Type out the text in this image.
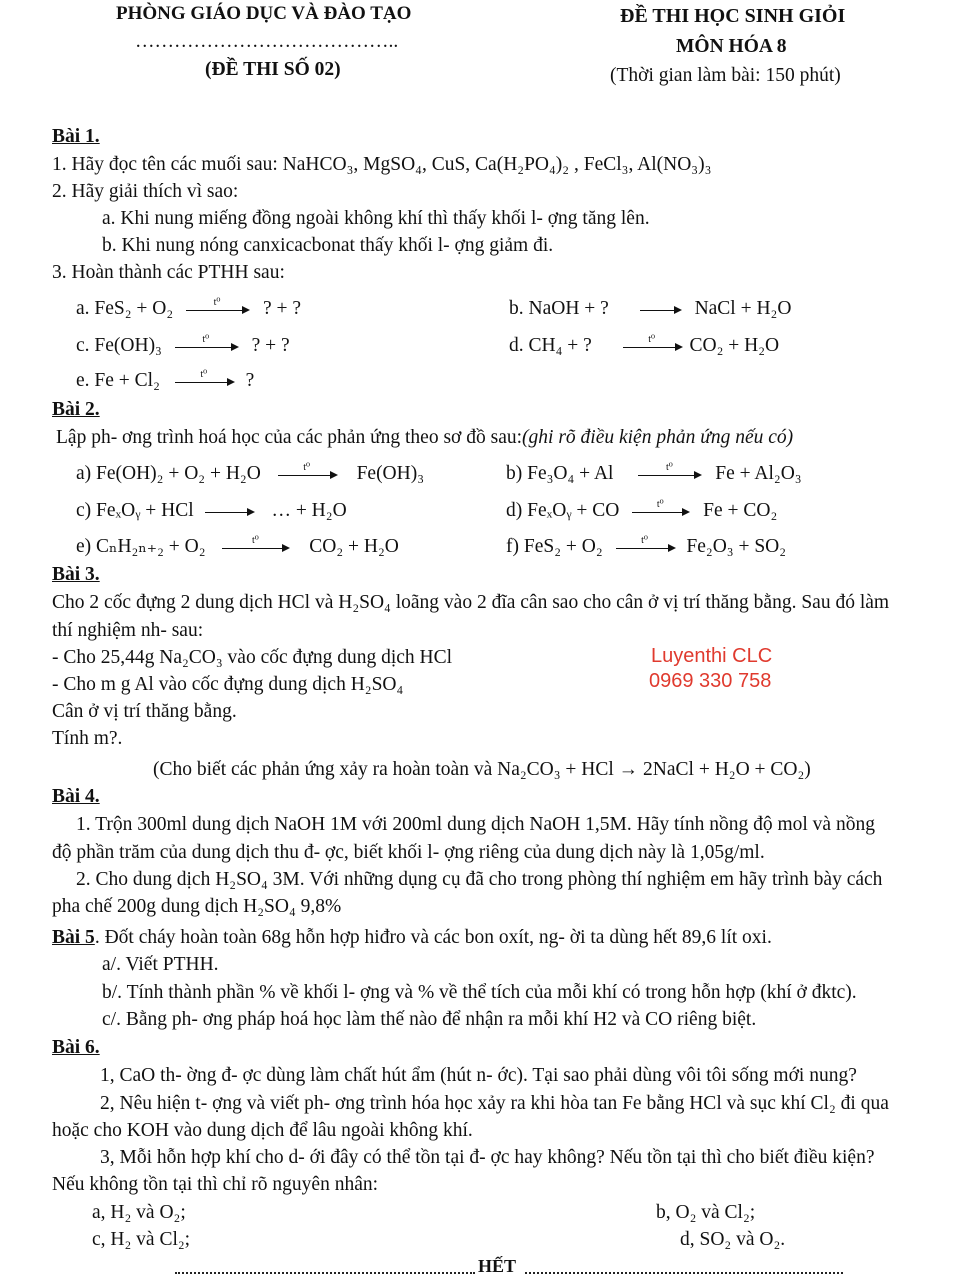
PHÒNG GIÁO DỤC VÀ ĐÀO TẠO
…………………………………..
(ĐỀ THI SỐ 02)
ĐỀ THI HỌC SINH GIỎI
MÔN HÓA 8
(Thời gian làm bài: 150 phút)
Bài 1.
1. Hãy đọc tên các muối sau: NaHCO₃, MgSO₄, CuS, Ca(H₂PO₄)₂ , FeCl₃, Al(NO₃)₃
2. Hãy giải thích vì sao:
a. Khi nung miếng đồng ngoài không khí thì thấy khối l- ợng tăng lên.
b. Khi nung nóng canxicacbonat thấy khối l- ợng giảm đi.
3. Hoàn thành các PTHH sau:
a. FeS₂ + O₂	t⁰	? + ?	b. NaOH + ?	NaCl + H₂O
c. Fe(OH)₃	t⁰	? + ?	d. CH₄ + ?	t⁰	CO₂ + H₂O
e. Fe + Cl₂	t⁰	?
Bài 2.
Lập ph- ơng trình hoá học của các phản ứng theo sơ đồ sau:(ghi rõ điều kiện phản ứng nếu có)
a) Fe(OH)₂ + O₂ + H₂O	t⁰	Fe(OH)₃	b) Fe₃O₄ + Al	t⁰	Fe + Al₂O₃
c) FeₓOᵧ + HCl	… + H₂O	d) FeₓOᵧ + CO	t⁰	Fe + CO₂
e) CₙH₂ₙ₊₂ + O₂	t⁰	CO₂ + H₂O	f) FeS₂ + O₂	t⁰	Fe₂O₃ + SO₂
Bài 3.
Cho 2 cốc đựng 2 dung dịch HCl và H₂SO₄ loãng vào 2 đĩa cân sao cho cân ở vị trí thăng bằng. Sau đó làm
thí nghiệm nh- sau:
- Cho 25,44g Na₂CO₃ vào cốc đựng dung dịch HCl
- Cho m g Al vào cốc đựng dung dịch H₂SO₄
Cân ở vị trí thăng bằng.
Tính m?.
(Cho biết các phản ứng xảy ra hoàn toàn và Na₂CO₃ + HCl → 2NaCl + H₂O + CO₂)
Luyenthi CLC
0969 330 758
Bài 4.
1. Trộn 300ml dung dịch NaOH 1M với 200ml dung dịch NaOH 1,5M. Hãy tính nồng độ mol và nồng
độ phần trăm của dung dịch thu đ- ợc, biết khối l- ợng riêng của dung dịch này là 1,05g/ml.
2. Cho dung dịch H₂SO₄ 3M. Với những dụng cụ đã cho trong phòng thí nghiệm em hãy trình bày cách
pha chế 200g dung dịch H₂SO₄ 9,8%
Bài 5. Đốt cháy hoàn toàn 68g hỗn hợp hiđro và các bon oxít, ng- ời ta dùng hết 89,6 lít oxi.
a/. Viết PTHH.
b/. Tính thành phần % về khối l- ợng và % về thể tích của mỗi khí có trong hỗn hợp (khí ở đktc).
c/. Bằng ph- ơng pháp hoá học làm thế nào để nhận ra mỗi khí H2 và CO riêng biệt.
Bài 6.
1, CaO th- ờng đ- ợc dùng làm chất hút ẩm (hút n- ớc). Tại sao phải dùng vôi tôi sống mới nung?
2, Nêu hiện t- ợng và viết ph- ơng trình hóa học xảy ra khi hòa tan Fe bằng HCl và sục khí Cl₂ đi qua
hoặc cho KOH vào dung dịch để lâu ngoài không khí.
3, Mỗi hỗn hợp khí cho d- ới đây có thể tồn tại đ- ợc hay không? Nếu tồn tại thì cho biết điều kiện?
Nếu không tồn tại thì chỉ rõ nguyên nhân:
a, H₂ và O₂;	b, O₂ và Cl₂;
c, H₂ và Cl₂;	d, SO₂ và O₂.
HẾT
